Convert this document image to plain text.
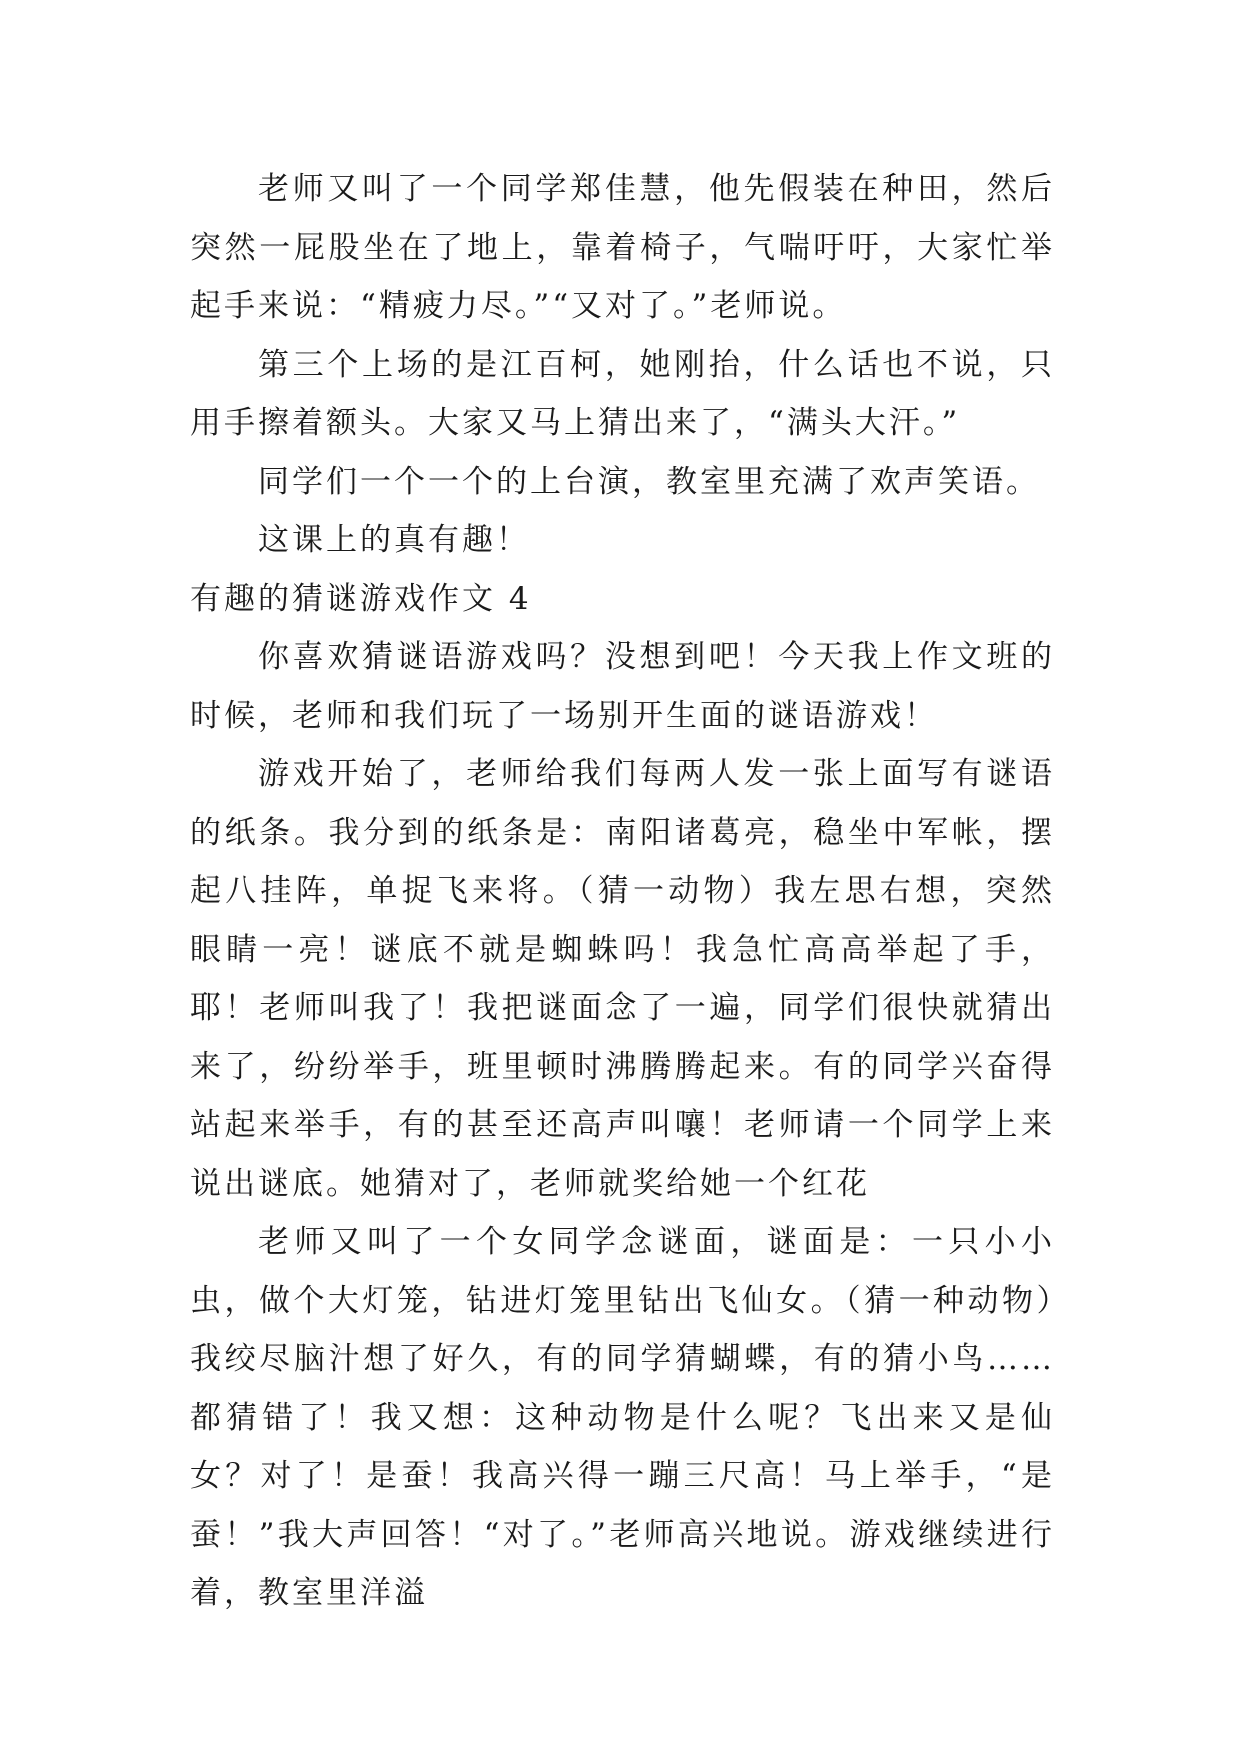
老师又叫了一个同学郑佳慧，他先假装在种田，然后突然一屁股坐在了地上，靠着椅子，气喘吁吁，大家忙举起手来说：“精疲力尽。”“又对了。”老师说。

第三个上场的是江百柯，她刚抬，什么话也不说，只用手擦着额头。大家又马上猜出来了，“满头大汗。”

同学们一个一个的上台演，教室里充满了欢声笑语。

这课上的真有趣！

有趣的猜谜游戏作文 4

你喜欢猜谜语游戏吗？没想到吧！今天我上作文班的时候，老师和我们玩了一场别开生面的谜语游戏！

游戏开始了，老师给我们每两人发一张上面写有谜语的纸条。我分到的纸条是：南阳诸葛亮，稳坐中军帐，摆起八挂阵，单捉飞来将。（猜一动物）我左思右想，突然眼睛一亮！谜底不就是蜘蛛吗！我急忙高高举起了手，耶！老师叫我了！我把谜面念了一遍，同学们很快就猜出来了，纷纷举手，班里顿时沸腾腾起来。有的同学兴奋得站起来举手，有的甚至还高声叫嚷！老师请一个同学上来说出谜底。她猜对了，老师就奖给她一个红花

老师又叫了一个女同学念谜面，谜面是：一只小小虫，做个大灯笼，钻进灯笼里钻出飞仙女。（猜一种动物）我绞尽脑汁想了好久，有的同学猜蝴蝶，有的猜小鸟……都猜错了！我又想：这种动物是什么呢？飞出来又是仙女？对了！是蚕！我高兴得一蹦三尺高！马上举手，“是蚕！”我大声回答！“对了。”老师高兴地说。游戏继续进行着，教室里洋溢
